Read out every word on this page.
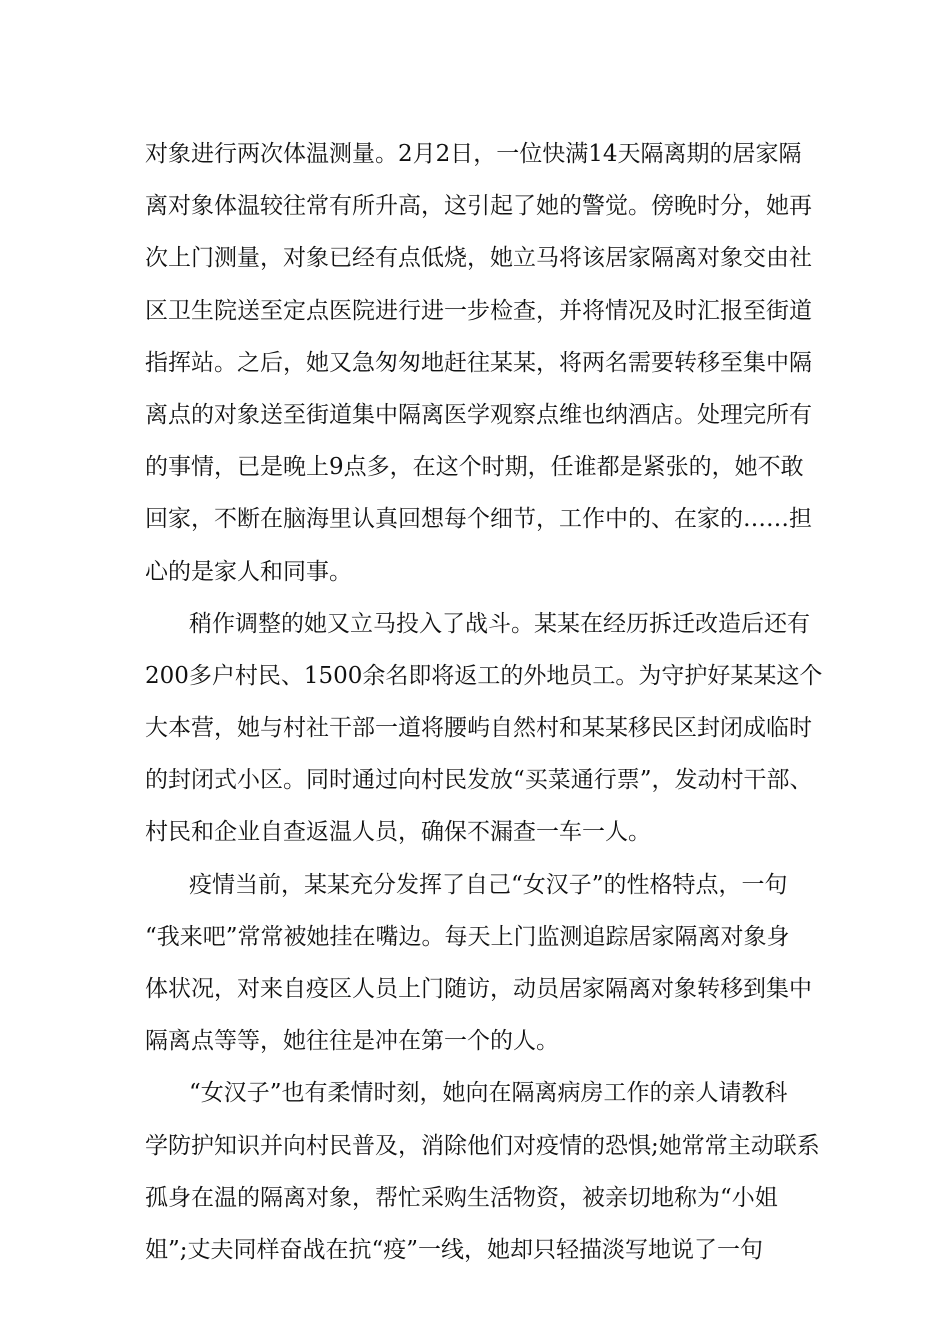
对象进行两次体温测量。2月2日，一位快满14天隔离期的居家隔
离对象体温较往常有所升高，这引起了她的警觉。傍晚时分，她再
次上门测量，对象已经有点低烧，她立马将该居家隔离对象交由社
区卫生院送至定点医院进行进一步检查，并将情况及时汇报至街道
指挥站。之后，她又急匆匆地赶往某某，将两名需要转移至集中隔
离点的对象送至街道集中隔离医学观察点维也纳酒店。处理完所有
的事情，已是晚上9点多，在这个时期，任谁都是紧张的，她不敢
回家，不断在脑海里认真回想每个细节，工作中的、在家的……担
心的是家人和同事。
稍作调整的她又立马投入了战斗。某某在经历拆迁改造后还有
200多户村民、1500余名即将返工的外地员工。为守护好某某这个
大本营，她与村社干部一道将腰屿自然村和某某移民区封闭成临时
的封闭式小区。同时通过向村民发放“买菜通行票”，发动村干部、
村民和企业自查返温人员，确保不漏查一车一人。
疫情当前，某某充分发挥了自己“女汉子”的性格特点，一句
“我来吧”常常被她挂在嘴边。每天上门监测追踪居家隔离对象身
体状况，对来自疫区人员上门随访，动员居家隔离对象转移到集中
隔离点等等，她往往是冲在第一个的人。
“女汉子”也有柔情时刻，她向在隔离病房工作的亲人请教科
学防护知识并向村民普及，消除他们对疫情的恐惧;她常常主动联系
孤身在温的隔离对象，帮忙采购生活物资，被亲切地称为“小姐
姐”;丈夫同样奋战在抗“疫”一线，她却只轻描淡写地说了一句
